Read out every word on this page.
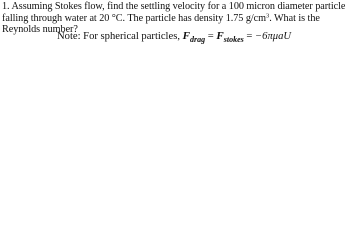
1. Assuming Stokes flow, find the settling velocity for a 100 micron diameter particle falling through water at 20 °C. The particle has density 1.75 $g/cm^3$. What is the Reynolds number?
Note: For spherical particles, $F_{drag} = F_{stokes} = -6\pi\mu aU$
